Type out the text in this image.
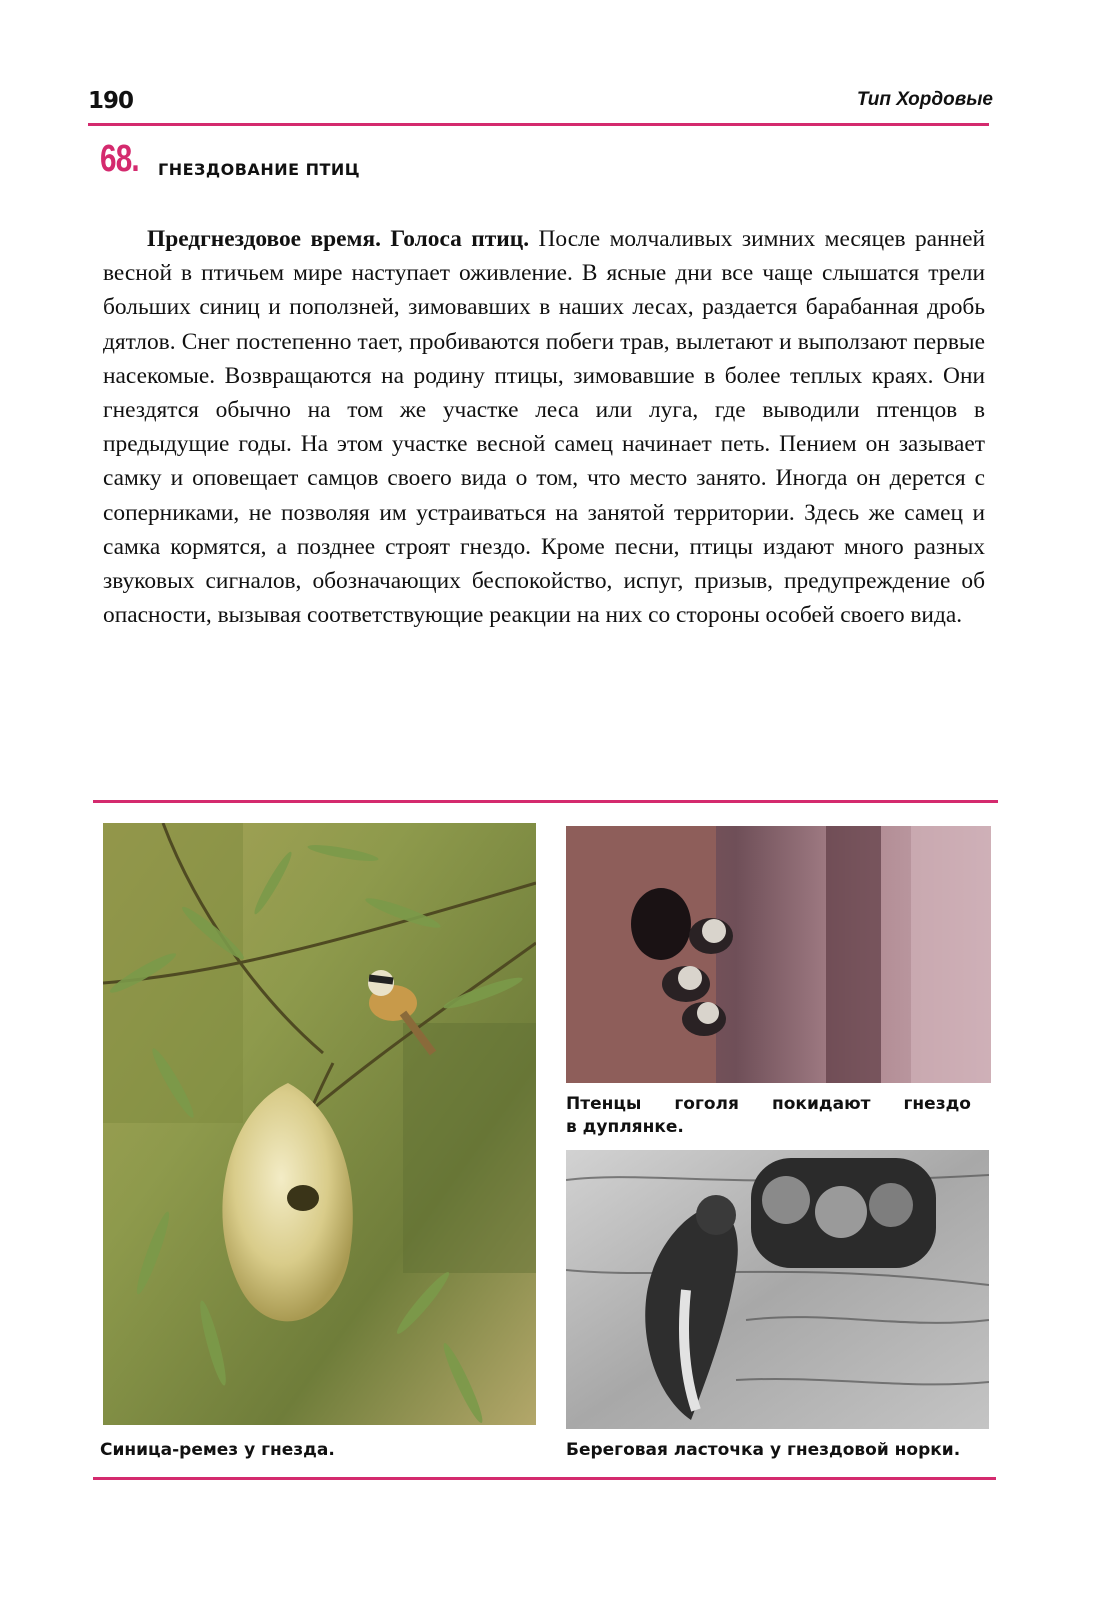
190	Тип Хордовые
68. ГНЕЗДОВАНИЕ ПТИЦ

Предгнездовое время. Голоса птиц. После молчаливых зимних месяцев ранней весной в птичьем мире наступает оживление. В ясные дни все чаще слышатся трели больших синиц и поползней, зимовавших в наших лесах, раздается барабанная дробь дятлов. Снег постепенно тает, пробиваются побеги трав, вылетают и выползают первые насекомые. Возвращаются на родину птицы, зимовавшие в более теплых краях. Они гнездятся обычно на том же участке леса или луга, где выводили птенцов в предыдущие годы. На этом участке весной самец начинает петь. Пением он зазывает самку и оповещает самцов своего вида о том, что место занято. Иногда он дерется с соперниками, не позволяя им устраиваться на занятой территории. Здесь же самец и самка кормятся, а позднее строят гнездо. Кроме песни, птицы издают много разных звуковых сигналов, обозначающих беспокойство, испуг, призыв, предупреждение об опасности, вызывая соответствующие реакции на них со стороны особей своего вида.

Синица-ремез у гнезда.
Птенцы гоголя покидают гнездо
в дуплянке.
Береговая ласточка у гнездовой норки.
